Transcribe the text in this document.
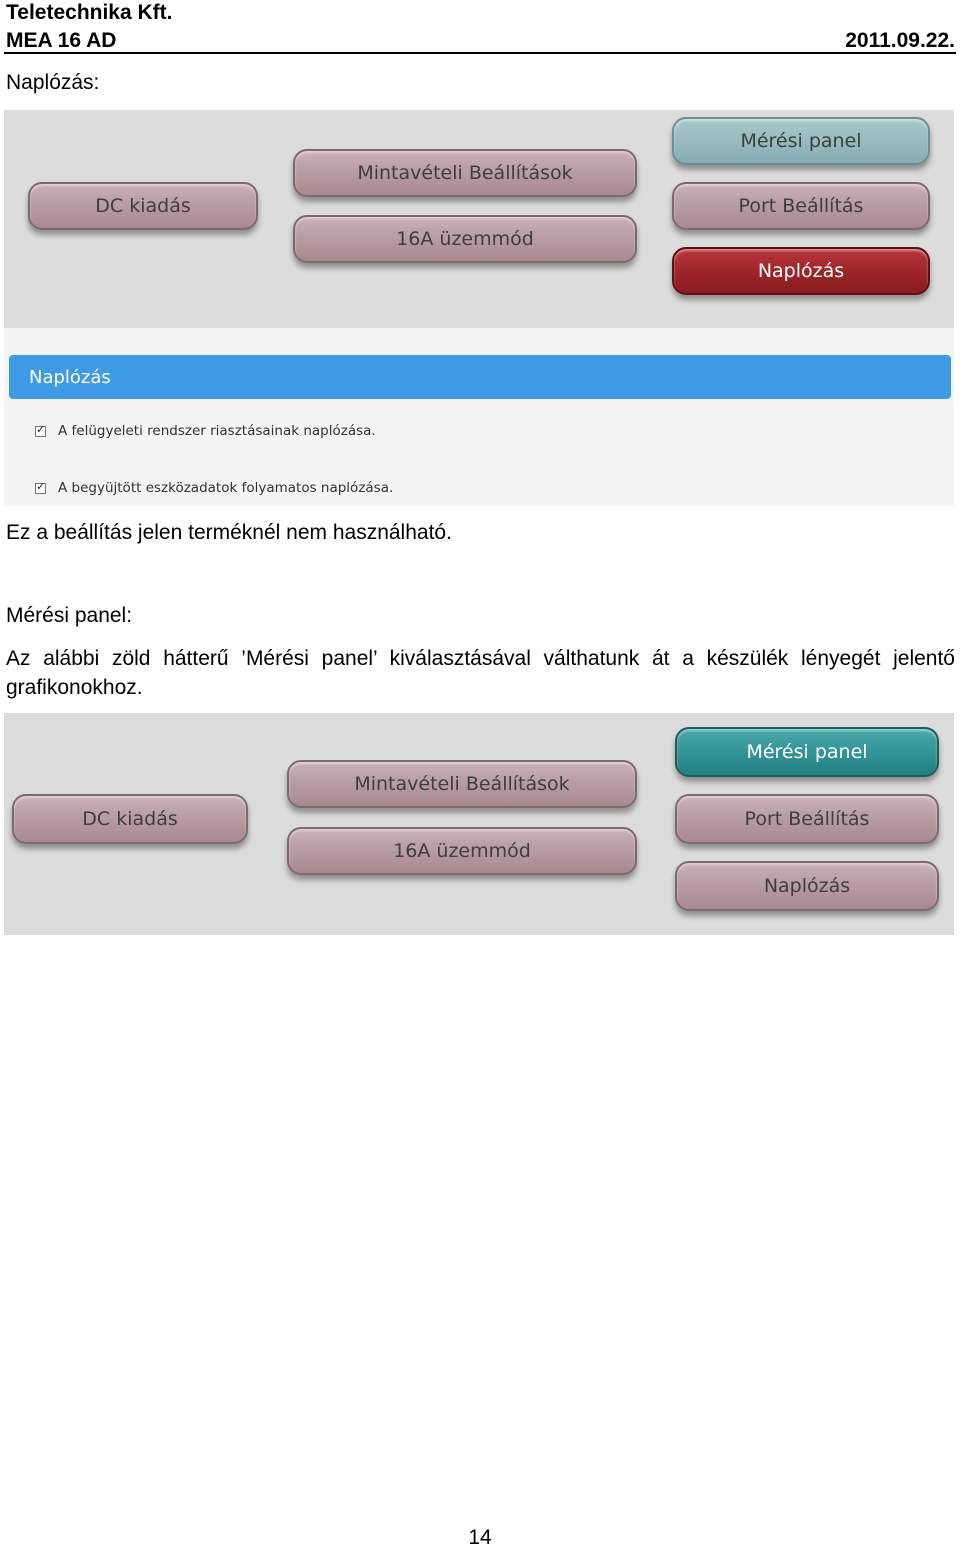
Teletechnika Kft.
MEA 16 AD	2011.09.22.
Naplózás:
DC kiadás
Mintavételi Beállítások
16A üzemmód
Mérési panel
Port Beállítás
Naplózás
Naplózás
✓
A felügyeleti rendszer riasztásainak naplózása.
✓
A begyüjtött eszközadatok folyamatos naplózása.
Ez a beállítás jelen terméknél nem használható.
Mérési panel:
Az alábbi zöld hátterű ’Mérési panel’ kiválasztásával válthatunk át a készülék lényegét jelentő grafikonokhoz.
DC kiadás
Mintavételi Beállítások
16A üzemmód
Mérési panel
Port Beállítás
Naplózás
14
